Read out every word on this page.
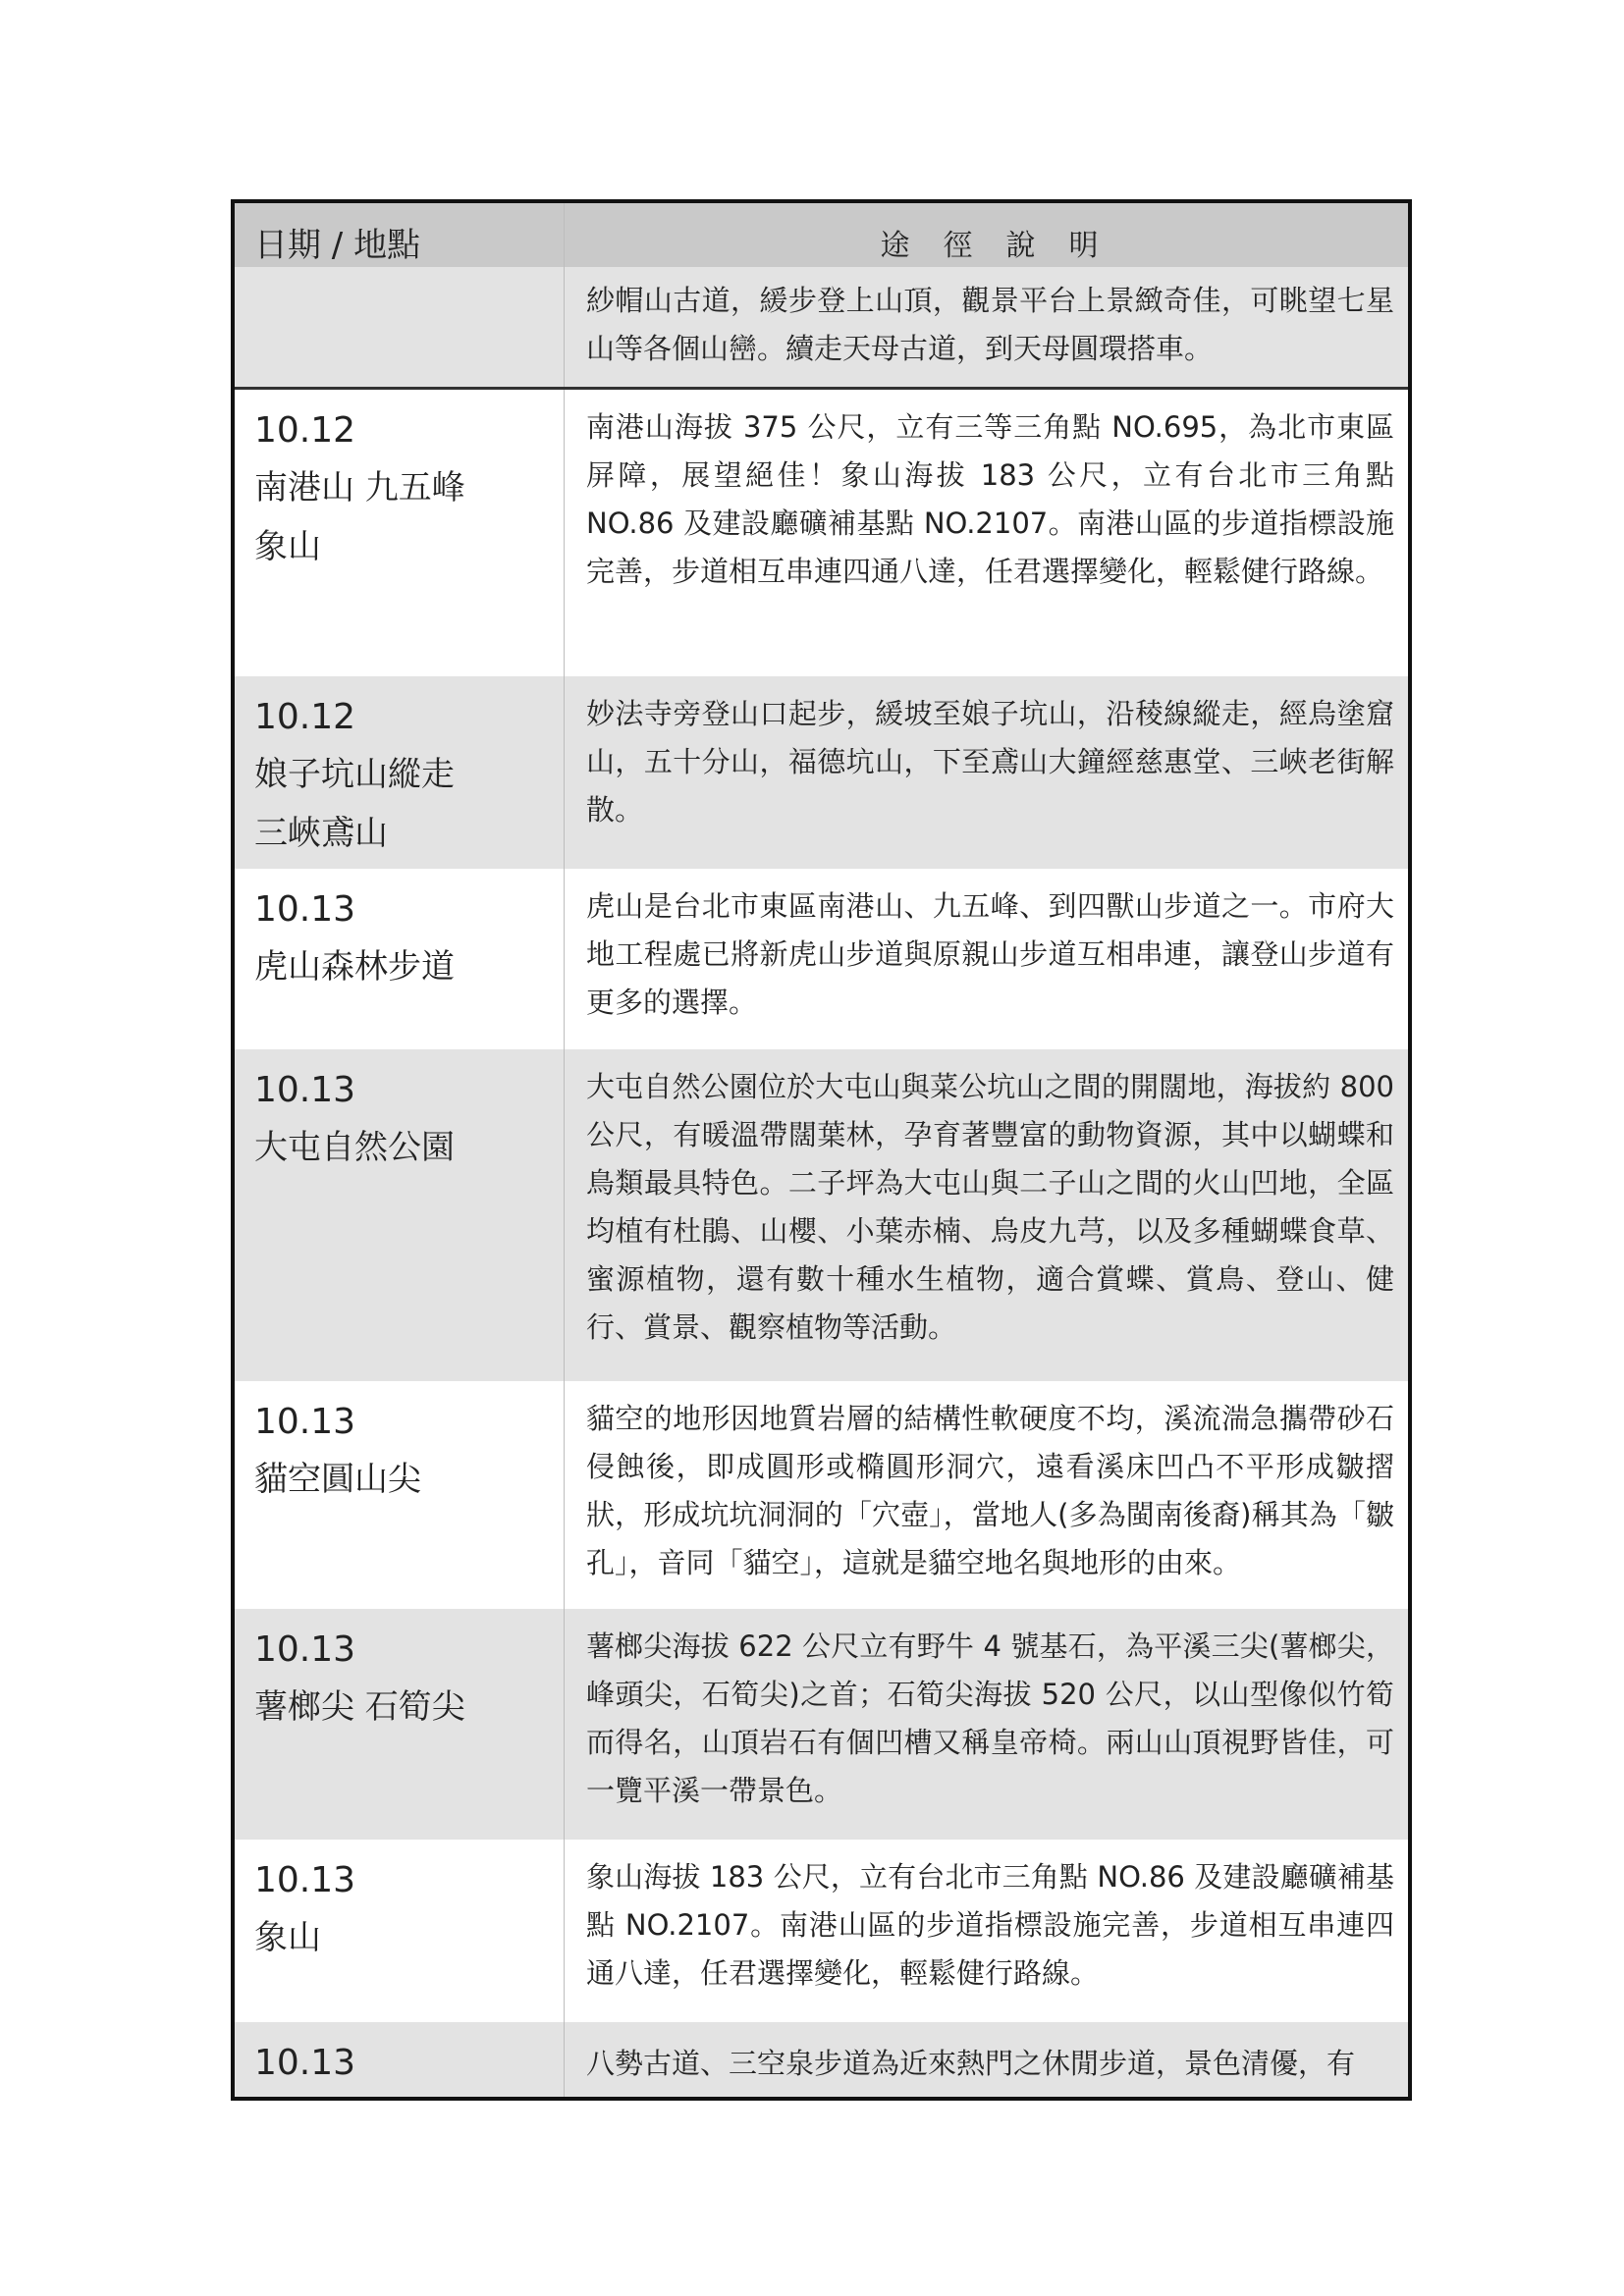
日期 / 地點	途　徑　說　明
紗帽山古道，緩步登上山頂，觀景平台上景緻奇佳，可眺望七星山等各個山巒。續走天母古道，到天母圓環搭車。
10.12
南港山 九五峰
象山
南港山海拔 375 公尺，立有三等三角點 NO.695，為北市東區屏障，展望絕佳！象山海拔 183 公尺，立有台北市三角點 NO.86 及建設廳礦補基點 NO.2107。南港山區的步道指標設施完善，步道相互串連四通八達，任君選擇變化，輕鬆健行路線。
10.12
娘子坑山縱走
三峽鳶山
妙法寺旁登山口起步，緩坡至娘子坑山，沿稜線縱走，經烏塗窟山，五十分山，福德坑山，下至鳶山大鐘經慈惠堂、三峽老街解散。
10.13
虎山森林步道
虎山是台北市東區南港山、九五峰、到四獸山步道之一。市府大地工程處已將新虎山步道與原親山步道互相串連，讓登山步道有更多的選擇。
10.13
大屯自然公園
大屯自然公園位於大屯山與菜公坑山之間的開闊地，海拔約 800 公尺，有暖溫帶闊葉林，孕育著豐富的動物資源，其中以蝴蝶和鳥類最具特色。二子坪為大屯山與二子山之間的火山凹地，全區均植有杜鵑、山櫻、小葉赤楠、烏皮九芎，以及多種蝴蝶食草、蜜源植物，還有數十種水生植物，適合賞蝶、賞鳥、登山、健行、賞景、觀察植物等活動。
10.13
貓空圓山尖
貓空的地形因地質岩層的結構性軟硬度不均，溪流湍急攜帶砂石侵蝕後，即成圓形或橢圓形洞穴，遠看溪床凹凸不平形成皺摺狀，形成坑坑洞洞的「穴壺」，當地人(多為閩南後裔)稱其為「皺孔」，音同「貓空」，這就是貓空地名與地形的由來。
10.13
薯榔尖 石筍尖
薯榔尖海拔 622 公尺立有野牛 4 號基石，為平溪三尖(薯榔尖，峰頭尖，石筍尖)之首；石筍尖海拔 520 公尺，以山型像似竹筍而得名，山頂岩石有個凹槽又稱皇帝椅。兩山山頂視野皆佳，可一覽平溪一帶景色。
10.13
象山
象山海拔 183 公尺，立有台北市三角點 NO.86 及建設廳礦補基點 NO.2107。南港山區的步道指標設施完善，步道相互串連四通八達，任君選擇變化，輕鬆健行路線。
10.13	八勢古道、三空泉步道為近來熱門之休閒步道，景色清優，有
